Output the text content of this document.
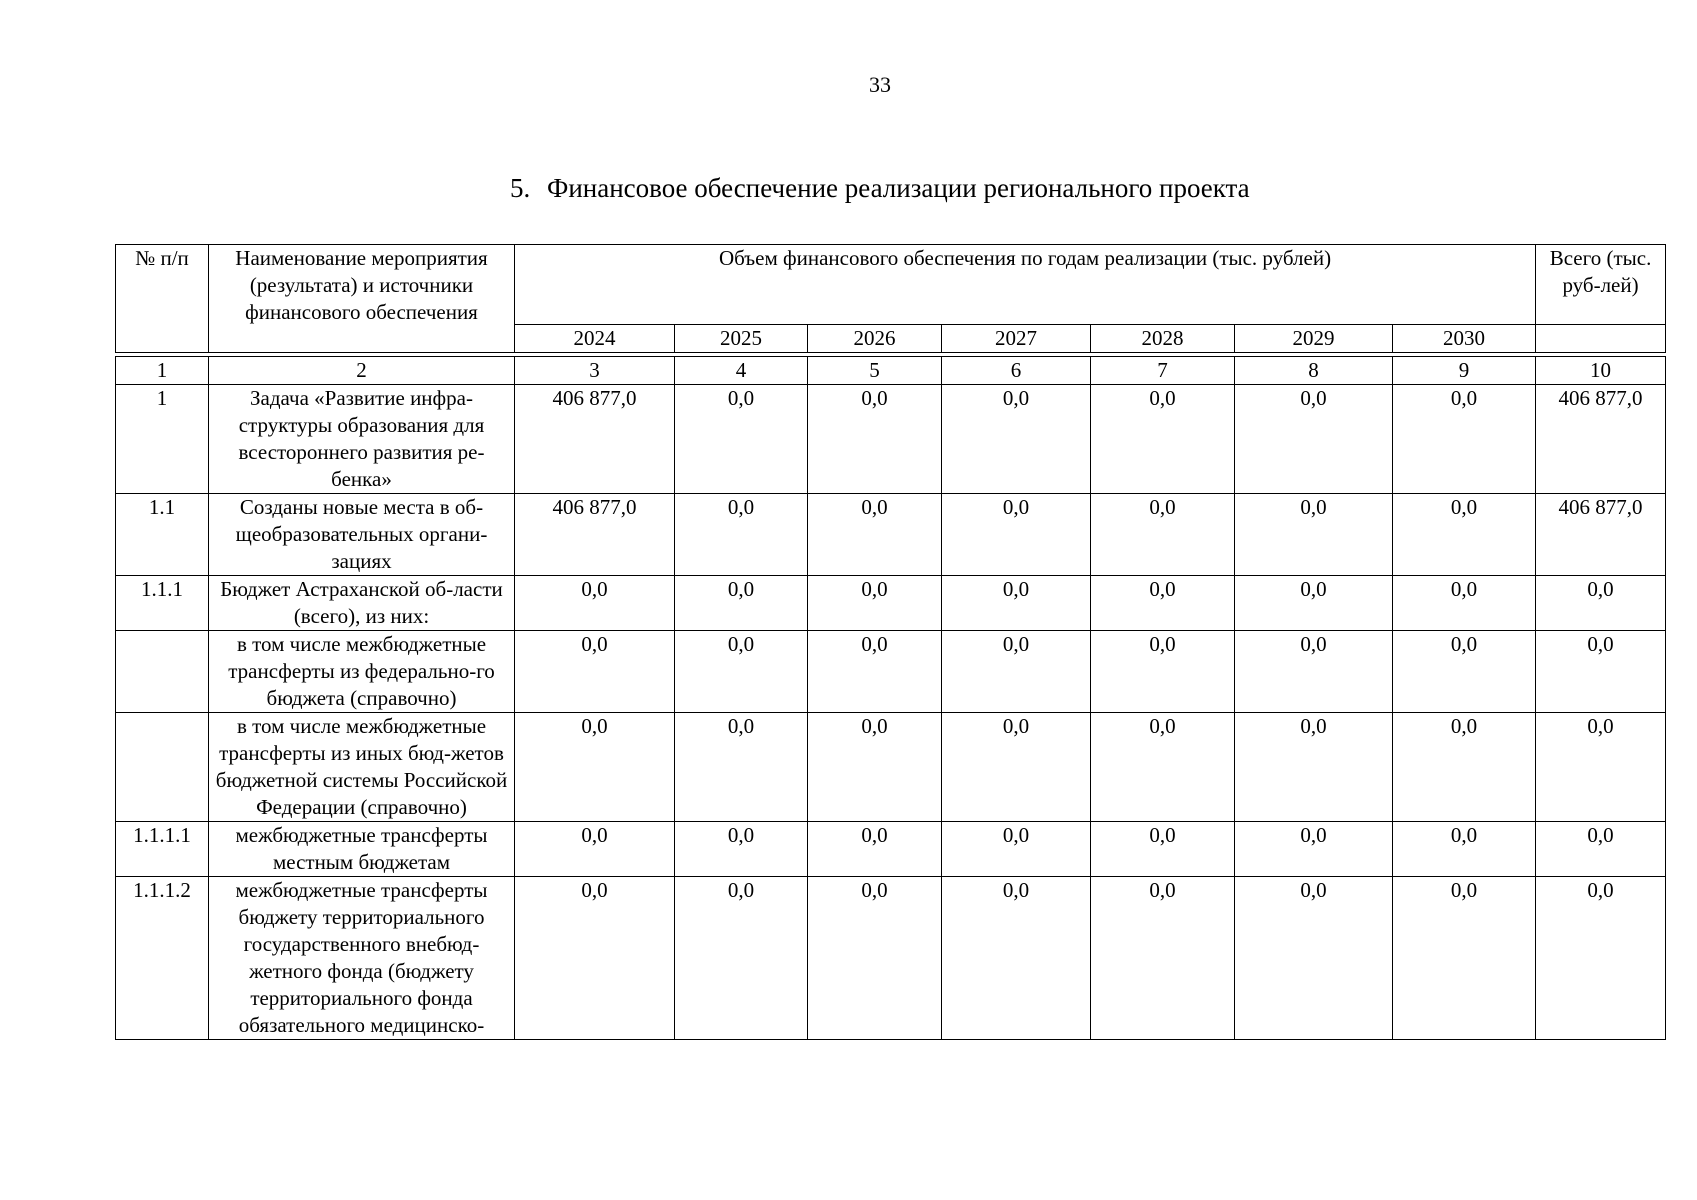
33
5. Финансовое обеспечение реализации регионального проекта
№ п/п	Наименование мероприятия (результата) и источники финансового обеспечения	Объем финансового обеспечения по годам реализации (тыс. рублей)							Всего (тыс. руб-лей)
		2024	2025	2026	2027	2028	2029	2030	

1	2	3	4	5	6	7	8	9	10
1	Задача «Развитие инфра-структуры образования для всестороннего развития ре-бенка»	406 877,0	0,0	0,0	0,0	0,0	0,0	0,0	406 877,0
1.1	Созданы новые места в об-щеобразовательных органи-зациях	406 877,0	0,0	0,0	0,0	0,0	0,0	0,0	406 877,0
1.1.1	Бюджет Астраханской об-ласти (всего), из них:	0,0	0,0	0,0	0,0	0,0	0,0	0,0	0,0
	в том числе межбюджетные трансферты из федерально-го бюджета (справочно)	0,0	0,0	0,0	0,0	0,0	0,0	0,0	0,0
	в том числе межбюджетные трансферты из иных бюд-жетов бюджетной системы Российской Федерации (справочно)	0,0	0,0	0,0	0,0	0,0	0,0	0,0	0,0
1.1.1.1	межбюджетные трансферты местным бюджетам	0,0	0,0	0,0	0,0	0,0	0,0	0,0	0,0
1.1.1.2	межбюджетные трансферты бюджету территориального государственного внебюд-жетного фонда (бюджету территориального фонда обязательного медицинско-	0,0	0,0	0,0	0,0	0,0	0,0	0,0	0,0
